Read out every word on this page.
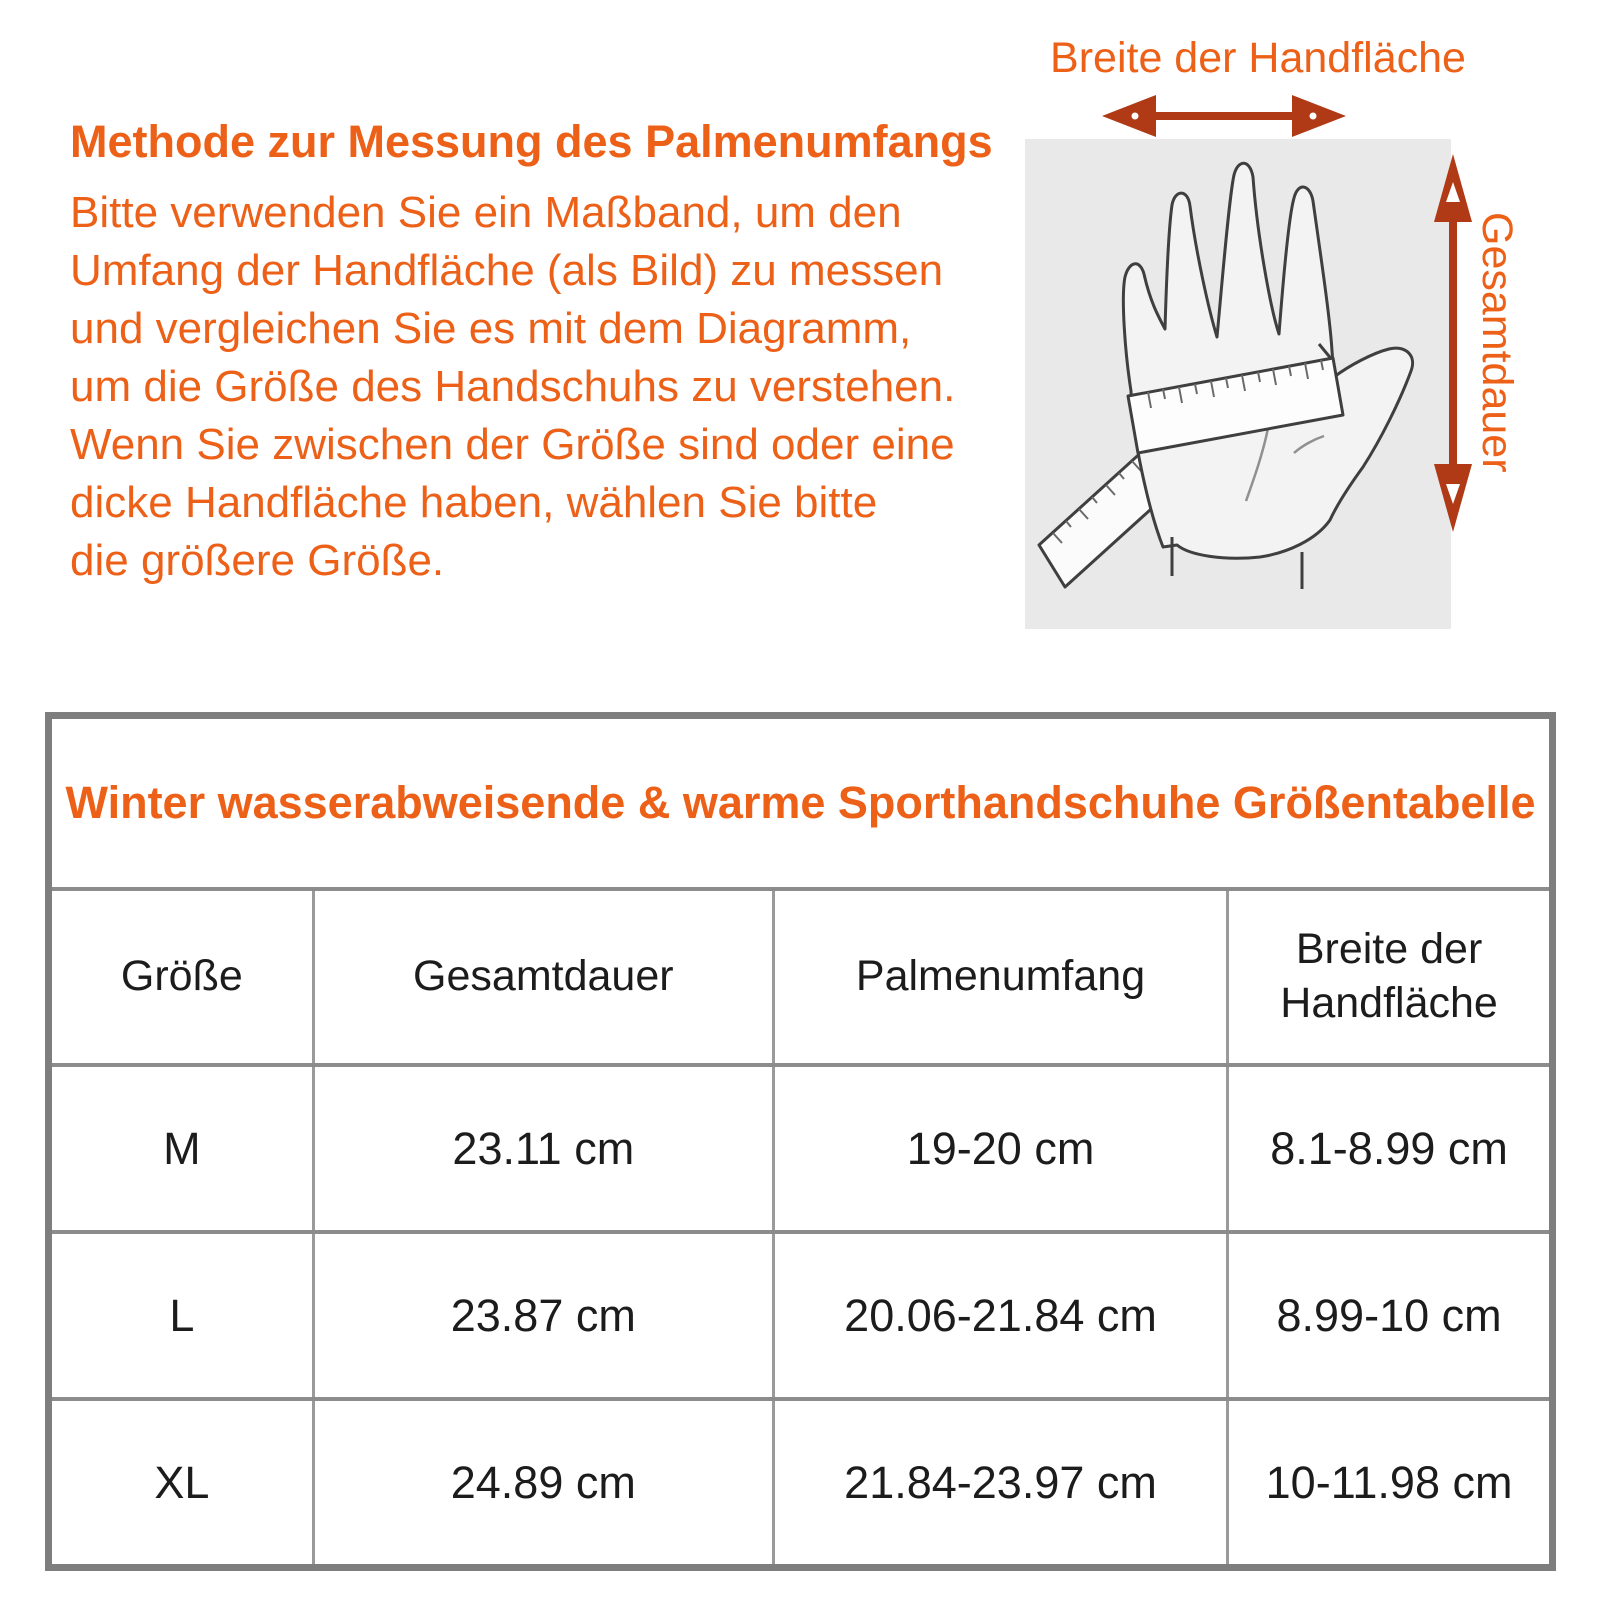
Methode zur Messung des Palmenumfangs
Bitte verwenden Sie ein Maßband, um den
Umfang der Handfläche (als Bild) zu messen
und vergleichen Sie es mit dem Diagramm,
um die Größe des Handschuhs zu verstehen.
Wenn Sie zwischen der Größe sind oder eine
dicke Handfläche haben, wählen Sie bitte
die größere Größe.
Breite der Handfläche
Gesamtdauer
Winter wasserabweisende & warme Sporthandschuhe Größentabelle			
Größe	Gesamtdauer	Palmenumfang	Breite der Handfläche
M	23.11 cm	19-20 cm	8.1-8.99 cm
L	23.87 cm	20.06-21.84 cm	8.99-10 cm
XL	24.89 cm	21.84-23.97 cm	10-11.98 cm
